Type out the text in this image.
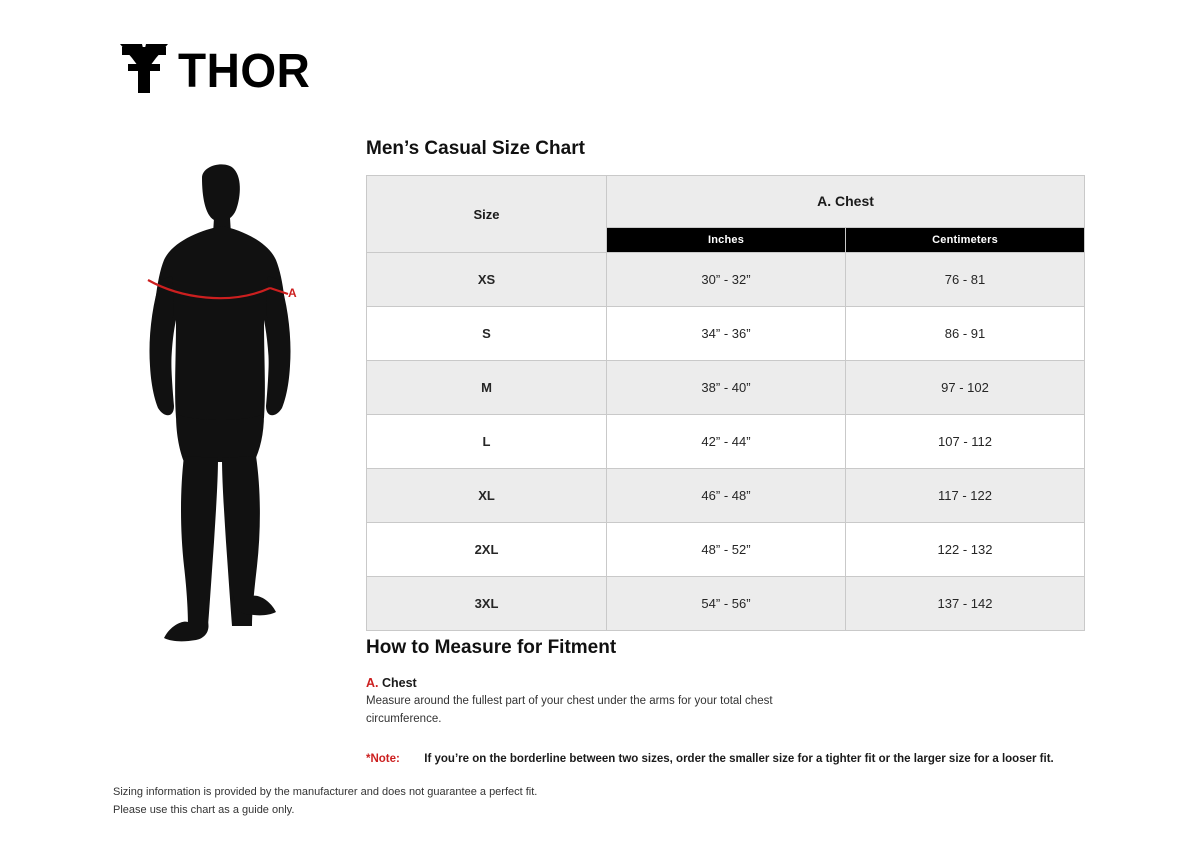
THOR
A
Men’s Casual Size Chart
Size	A. Chest	
	Inches	Centimeters
XS	30” - 32”	76 - 81
S	34” - 36”	86 - 91
M	38” - 40”	97 - 102
L	42” - 44”	107 - 112
XL	46” - 48”	117 - 122
2XL	48” - 52”	122 - 132
3XL	54” - 56”	137 - 142
How to Measure for Fitment
A. Chest
Measure around the fullest part of your chest under the arms for your total chest circumference.
*Note: If you’re on the borderline between two sizes, order the smaller size for a tighter fit or the larger size for a looser fit.
Sizing information is provided by the manufacturer and does not guarantee a perfect fit.
Please use this chart as a guide only.
